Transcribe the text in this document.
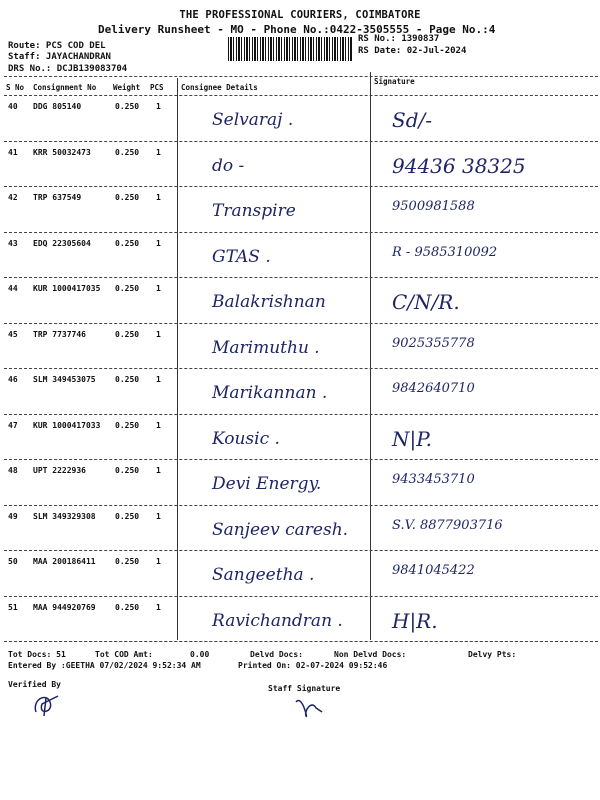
THE PROFESSIONAL COURIERS, COIMBATORE
Delivery Runsheet - MO - Phone No.:0422-3505555 - Page No.:4
Route: PCS COD DEL
Staff: JAYACHANDRAN
DRS No.: DCJB139083704
RS No.: 1390837
RS Date: 02-Jul-2024
S No Consignment No Weight PCS Consignee Details
Signature
40 DDG 805140	0.250 1
Selvaraj .	Sd/-
41 KRR 50032473	0.250 1
do -	94436 38325
42 TRP 637549	0.250 1
Transpire	9500981588
43 EDQ 22305604	0.250 1
GTAS .	R - 9585310092
44 KUR 1000417035 0.250 1
Balakrishnan	C/N/R.
45 TRP 7737746	0.250 1
Marimuthu .	9025355778
46 SLM 349453075 0.250 1
Marikannan .	9842640710
47 KUR 1000417033 0.250 1
Kousic .	N|P.
48 UPT 2222936	0.250 1
Devi Energy.	9433453710
49 SLM 349329308 0.250 1
Sanjeev caresh.	S.V. 8877903716
50 MAA 200186411 0.250 1
Sangeetha .	9841045422
51 MAA 944920769 0.250 1
Ravichandran . H|R.
Tot Docs: 51	Tot COD Amt:	0.00	Delvd Docs:	Non Delvd Docs:	Delvy Pts:
Entered By :GEETHA 07/02/2024 9:52:34 AM	Printed On: 02-07-2024 09:52:46
Verified By	Staff Signature
